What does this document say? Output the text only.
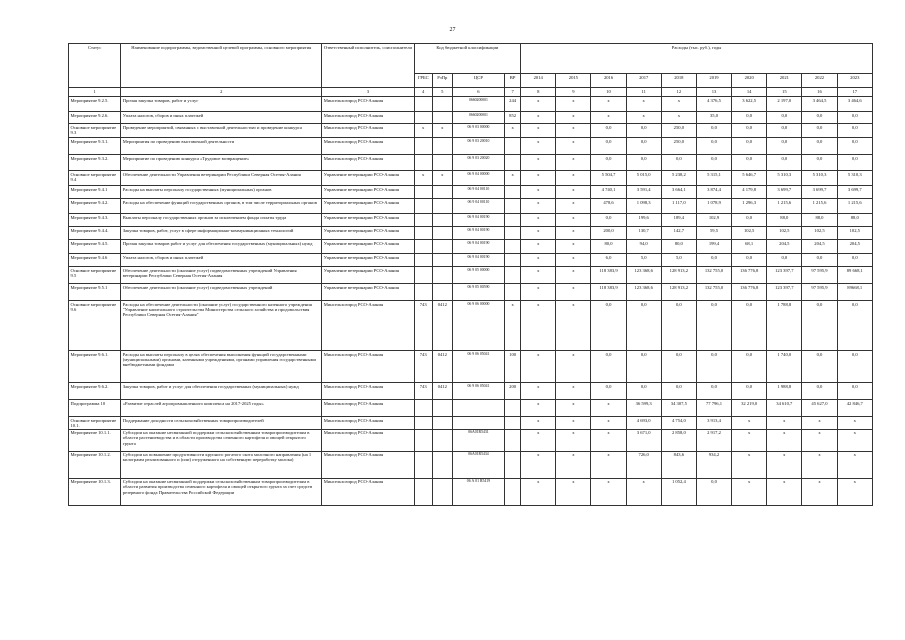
27
Статус	Наименование подпрограммы, ведомственной целевой программы, основного мероприятия	Ответственный исполнитель, соисполнители	Код бюджетной классификации				Расходы (тыс. руб.), годы									
			ГРБС	РзПр	ЦСР	ВР	2014	2015	2016	2017	2018	2019	2020	2021	2022	2023
1	2	3	4	5	6	7	8	9	10	11	12	13	14	15	16	17
Мероприятие 9.2.5.	Прочая закупка товаров, работ и услуг	Минсельхозпрод РСО-Алания			0660200001	244	x	x	x	x	x	4 376,5	3 622,5	2 197,0	3 464,5	3 464,6
Мероприятие 9.2.6.	Уплата налогов, сборов и иных платежей	Минсельхозпрод РСО-Алания			0660200001	852	x	x	x	x	x	35,0	0,0	0,0	0,0	0,0
Основное мероприятие 9.3	Проведение мероприятий, связанных с выставочной деятельностью и проведение конкурса	Минсельхозпрод РСО-Алания	x	x	06 9 03 00000	x	x	x	0,0	0,0	250,0	0,0	0,0	0,0	0,0	0,0
Мероприятие 9.3.1.	Мероприятия по проведению выставочной деятельности	Минсельхозпрод РСО-Алания			06 9 03 20010		x	x	0,0	0,0	250,0	0,0	0,0	0,0	0,0	0,0
Мероприятие 9.3.2.	Мероприятие по проведению конкурса «Трудовое возвращение»	Минсельхозпрод РСО-Алания			06 9 03 20020		x	x	0,0	0,0	0,0	0,0	0,0	0,0	0,0	0,0
Основное мероприятие 9.4	Обеспечение деятельности Управления ветеринарии Республики Северная Осетия-Алания	Управление ветеринарии РСО-Алания	x	x	06 9 04 00000	x	x	x	5 504,7	5 015,0	5 238,2	5 315,1	5 646,7	5 310,3	5 310,3	5 310,3
Мероприятие 9.4.1	Расходы на выплаты персоналу государственных (муниципальных) органов	Управление ветеринарии РСО-Алания			06 9 04 00110		x	x	4 740,1	3 591,4	3 664,1	3 874,4	4 179,8	3 699,7	3 699,7	3 699,7
Мероприятие 9.4.2.	Расходы на обеспечение функций государственных органов, в том числе территориальных органов	Управление ветеринарии РСО-Алания			06 9 04 00110		x	x	478,6	1 098,3	1 117,0	1 078,9	1 296,3	1 215,6	1 215,6	1 215,6
Мероприятие 9.4.3.	Выплаты персоналу государственных органов за исключением фонда оплаты труда	Управление ветеринарии РСО-Алания			06 9 04 00190		x	x	0,0	199,6	189,4	102,9	0,0	88,0	88,0	88,0
Мероприятие 9.4.4.	Закупка товаров, работ, услуг в сфере информационно-коммуникационных технологий	Управление ветеринарии РСО-Алания			06 9 04 00190		x	x	200,0	130,7	142,7	59,5	102,5	102,5	102,5	102,5
Мероприятие 9.4.5.	Прочая закупка товаров работ и услуг для обеспечения государственных (муниципальных) нужд	Управление ветеринарии РСО-Алания			06 9 04 00190		x	x	80,0	94,0	80,0	199,4	68,1	204,5	204,5	204,5
Мероприятие 9.4.6	Уплата налогов, сборов и иных платежей	Управление ветеринарии РСО-Алания			06 9 04 00190		x	x	6,0	5,0	5,0	0,0	0,0	0,0	0,0	0,0
Основное мероприятие 9.5	Обеспечение деятельности (оказание услуг) подведомственных учреждений Управления ветеринарии Республики Северная Осетия-Алания	Управление ветеринарии РСО-Алания			06 9 05 00000		x	x	118 383,9	123 368,6	128 913,2	132 755,0	136 776,8	123 397,7	97 595,9	89 668,1
Мероприятие 9.5.1	Обеспечение деятельности (оказание услуг) подведомственных учреждений	Управление ветеринарии РСО-Алания			06 9 05 00590		x	x	118 383,9	123 368,6	128 913,2	132 755,0	136 776,8	123 397,7	97 595,9	89668,1
Основное мероприятие 9.6	Расходы на обеспечение деятельности (оказание услуг) государственного казенного учреждения "Управление капитального строительства Министерства сельского хозяйства и продовольствия Республики Северная Осетия-Алания"	Минсельхозпрод РСО-Алания	743	0412	06 9 06 00000	x	x	x	0,0	0,0	0,0	0,0	0,0	1 788,8	0,0	0,0
Мероприятие 9.6.1.	Расходы на выплаты персоналу в целях обеспечения выполнения функций государственными (муниципальными) органами, казенными учреждениями, органами управления государственными внебюджетными фондами	Минсельхозпрод РСО-Алания	743	0412	06 9 06 05041	100	x	x	0,0	0,0	0,0	0,0	0,0	1 740,0	0,0	0,0
Мероприятие 9.6.2.	Закупка товаров, работ и услуг для обеспечения государственных (муниципальных) нужд	Минсельхозпрод РСО-Алания	743	0412	06 9 06 05041	200	x	x	0,0	0,0	0,0	0,0	0,0	1 988,8	0,0	0,0
Подпрограмма 10	«Развитие отраслей агропромышленного комплекса на 2017-2025 годы»	Минсельхозпрод РСО-Алания					x	x	x	36 599,3	34 307,5	77 796,1	32 219,0	34 610,7	45 627,0	42 846,7
Основное мероприятие 10.1.	Поддержание доходности сельскохозяйственных товаропроизводителей	Минсельхозпрод РСО-Алания					x	x	x	4 693,0	4 754,0	3 913,4	x	x	x	x
Мероприятие 10.1.1.	Субсидии на оказание несвязанной поддержки сельскохозяйственным товаропроизводителям в области растениеводства и в области производства семенного картофеля и овощей открытого грунта	Минсельхозпрод РСО-Алания			06А01R5431		x	x	x	3 671,0	2 858,0	2 917,2	x	x	x	x
Мероприятие 10.1.2.	Субсидии на повышение продуктивности крупного рогатого скота молочного направления (на 1 килограмм реализованного и (или) отгруженного на собственную переработку молока)	Минсельхозпрод РСО-Алания			06А01R5434		x	x	x	726,0	843,6	934,2	x	x	x	x
Мероприятие 10.1.3.	Субсидии на оказание несвязанной поддержки сельскохозяйственным товаропроизводителям в области развития производства семенного картофеля и овощей открытого грунта за счет средств резервного фонда Правительства Российской Федерации	Минсельхозпрод РСО-Алания			06 А 01 R5419		x	x	x	x	1 052,4	0,0	x	x	x	x
